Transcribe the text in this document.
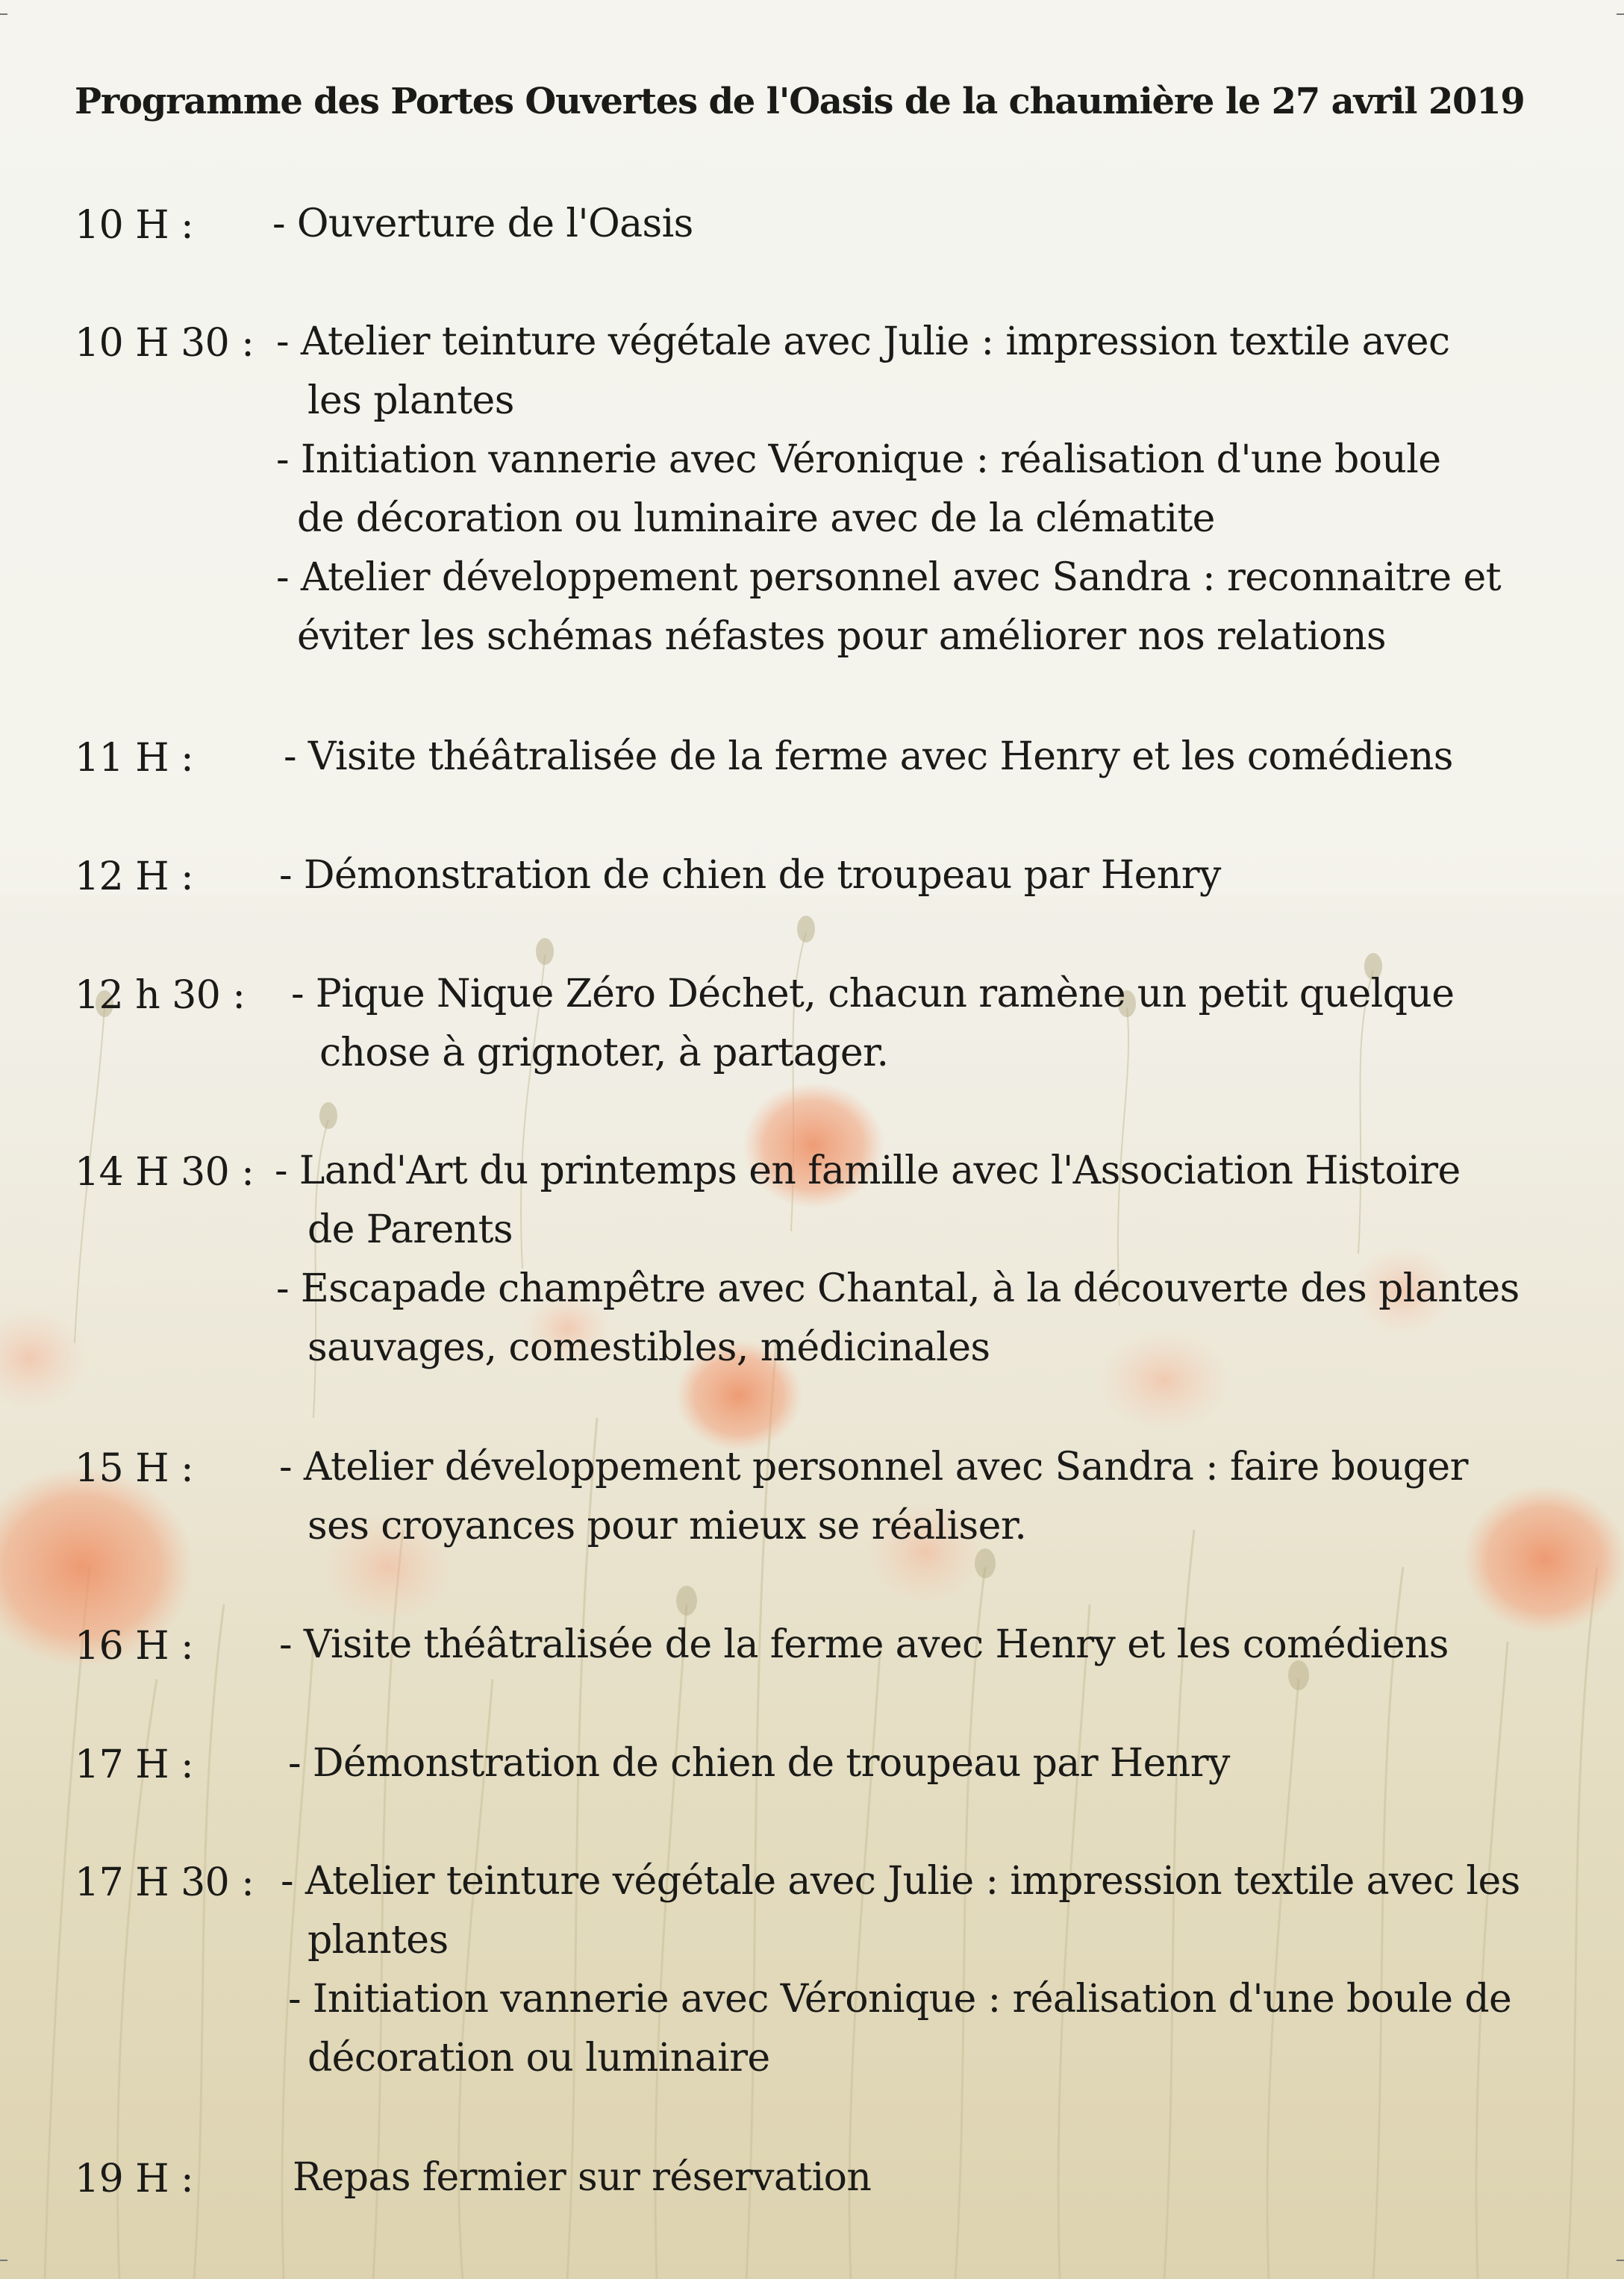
Programme des Portes Ouvertes de l'Oasis de la chaumière le 27 avril 2019
10 H : - Ouverture de l'Oasis
10 H 30 : - Atelier teinture végétale avec Julie : impression textile avec
les plantes
- Initiation vannerie avec Véronique : réalisation d'une boule
de décoration ou luminaire avec de la clématite
- Atelier développement personnel avec Sandra : reconnaitre et
éviter les schémas néfastes pour améliorer nos relations
11 H : - Visite théâtralisée de la ferme avec Henry et les comédiens
12 H : - Démonstration de chien de troupeau par Henry
12 h 30 : - Pique Nique Zéro Déchet, chacun ramène un petit quelque
chose à grignoter, à partager.
14 H 30 : - Land'Art du printemps en famille avec l'Association Histoire
de Parents
- Escapade champêtre avec Chantal, à la découverte des plantes
sauvages, comestibles, médicinales
15 H : - Atelier développement personnel avec Sandra : faire bouger
ses croyances pour mieux se réaliser.
16 H : - Visite théâtralisée de la ferme avec Henry et les comédiens
17 H : - Démonstration de chien de troupeau par Henry
17 H 30 : - Atelier teinture végétale avec Julie : impression textile avec les
plantes
- Initiation vannerie avec Véronique : réalisation d'une boule de
décoration ou luminaire
19 H :	Repas fermier sur réservation
